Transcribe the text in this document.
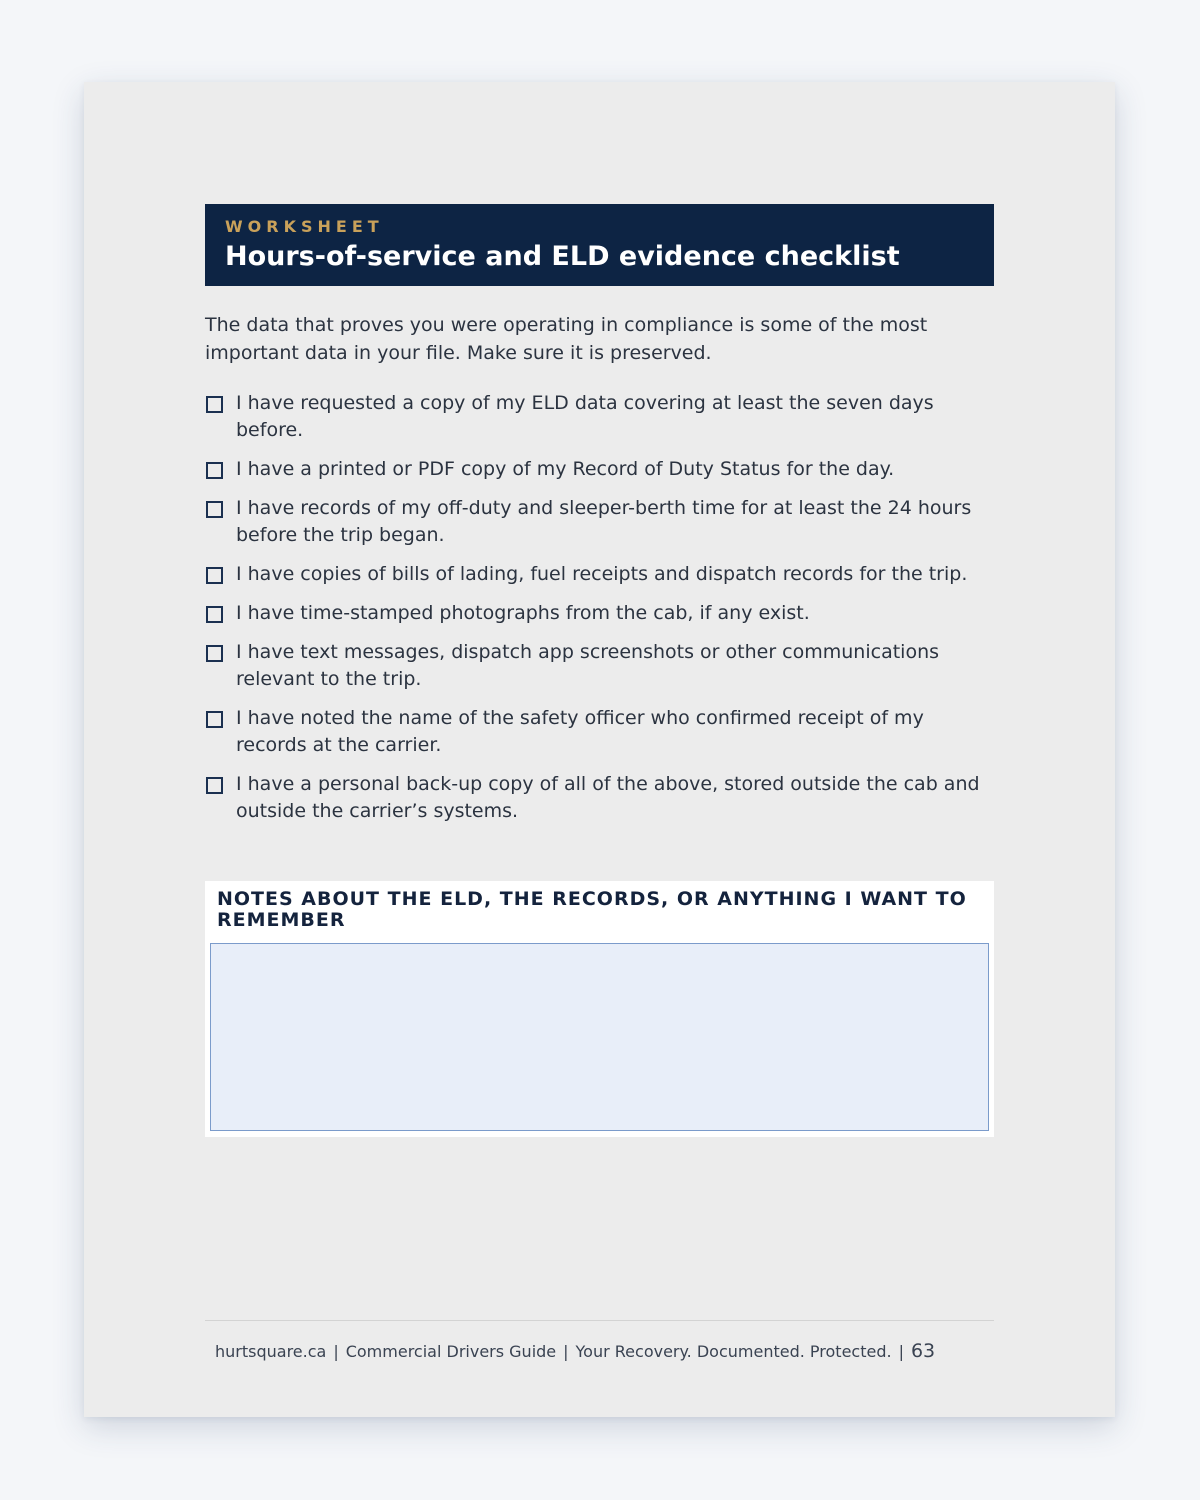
WORKSHEET
Hours-of-service and ELD evidence checklist
The data that proves you were operating in compliance is some of the most important data in your file. Make sure it is preserved.
I have requested a copy of my ELD data covering at least the seven days before.
I have a printed or PDF copy of my Record of Duty Status for the day.
I have records of my off-duty and sleeper-berth time for at least the 24 hours before the trip began.
I have copies of bills of lading, fuel receipts and dispatch records for the trip.
I have time-stamped photographs from the cab, if any exist.
I have text messages, dispatch app screenshots or other communications relevant to the trip.
I have noted the name of the safety officer who confirmed receipt of my records at the carrier.
I have a personal back-up copy of all of the above, stored outside the cab and outside the carrier’s systems.
NOTES ABOUT THE ELD, THE RECORDS, OR ANYTHING I WANT TO REMEMBER
hurtsquare.ca | Commercial Drivers Guide | Your Recovery. Documented. Protected. | 63
